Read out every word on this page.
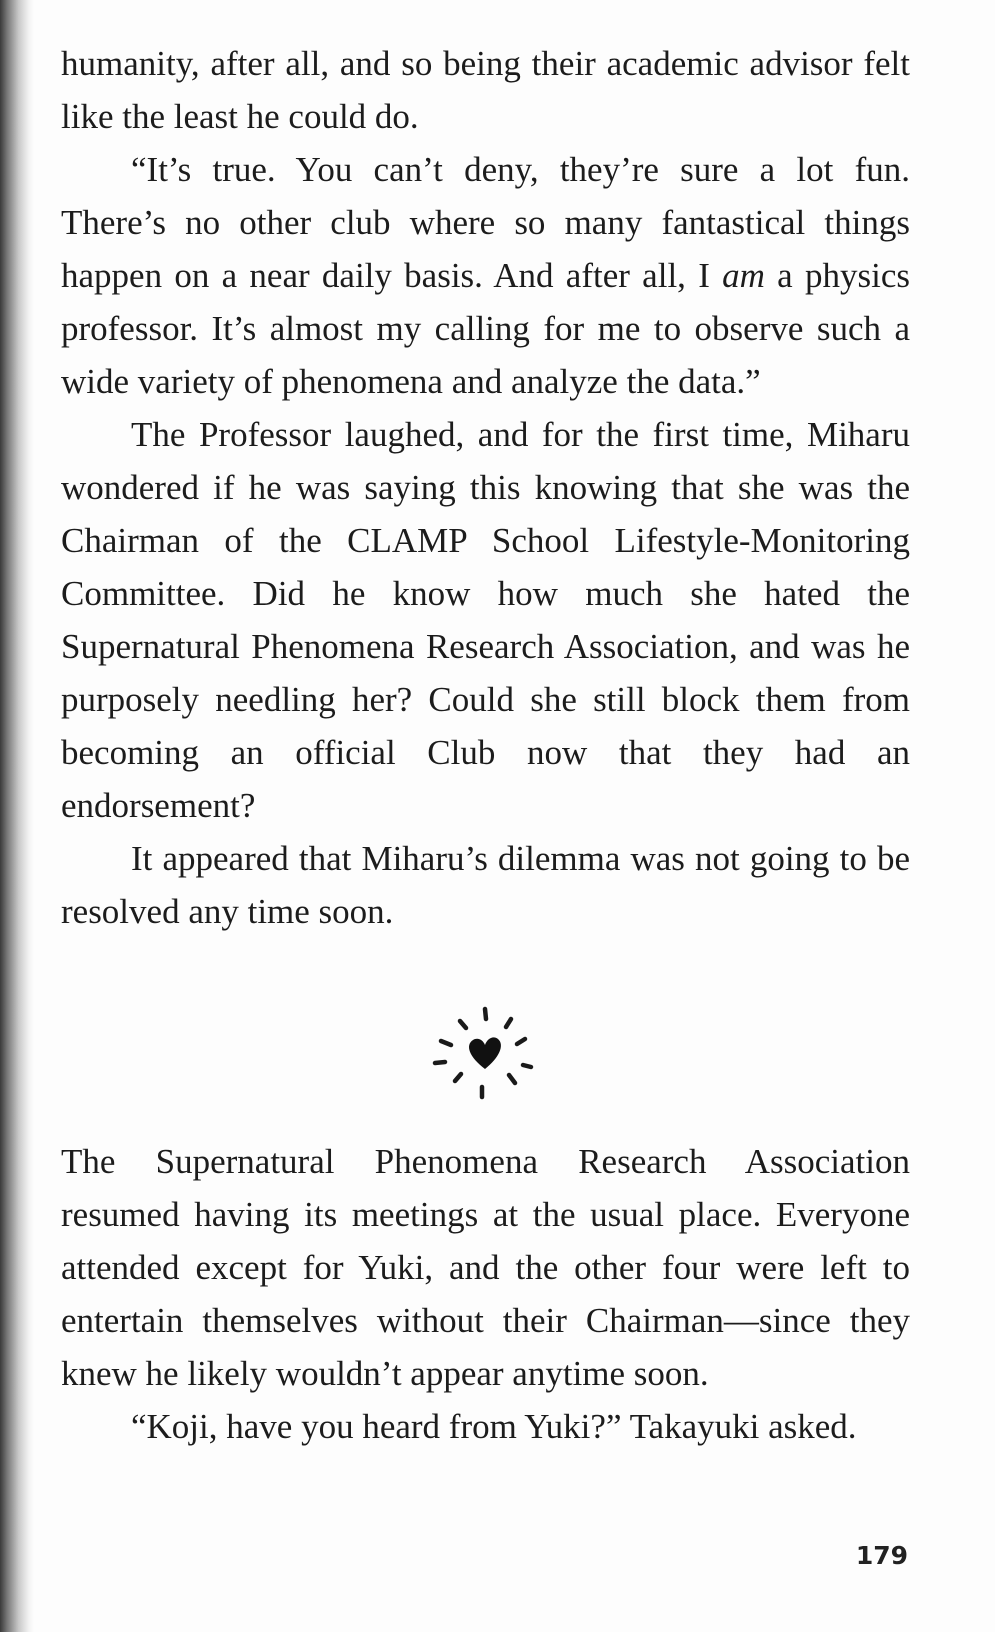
humanity, after all, and so being their academic advisor felt like the least he could do.

“It’s true. You can’t deny, they’re sure a lot fun. There’s no other club where so many fantastical things happen on a near daily basis. And after all, I am a physics professor. It’s almost my calling for me to observe such a wide variety of phenomena and analyze the data.”

The Professor laughed, and for the first time, Miharu wondered if he was saying this knowing that she was the Chairman of the CLAMP School Lifestyle-Monitoring Committee. Did he know how much she hated the Supernatural Phenomena Research Association, and was he purposely needling her? Could she still block them from becoming an official Club now that they had an endorsement?

It appeared that Miharu’s dilemma was not going to be resolved any time soon.

The Supernatural Phenomena Research Association resumed having its meetings at the usual place. Everyone attended except for Yuki, and the other four were left to entertain themselves without their Chairman—since they knew he likely wouldn’t appear anytime soon.

“Koji, have you heard from Yuki?” Takayuki asked.

179
